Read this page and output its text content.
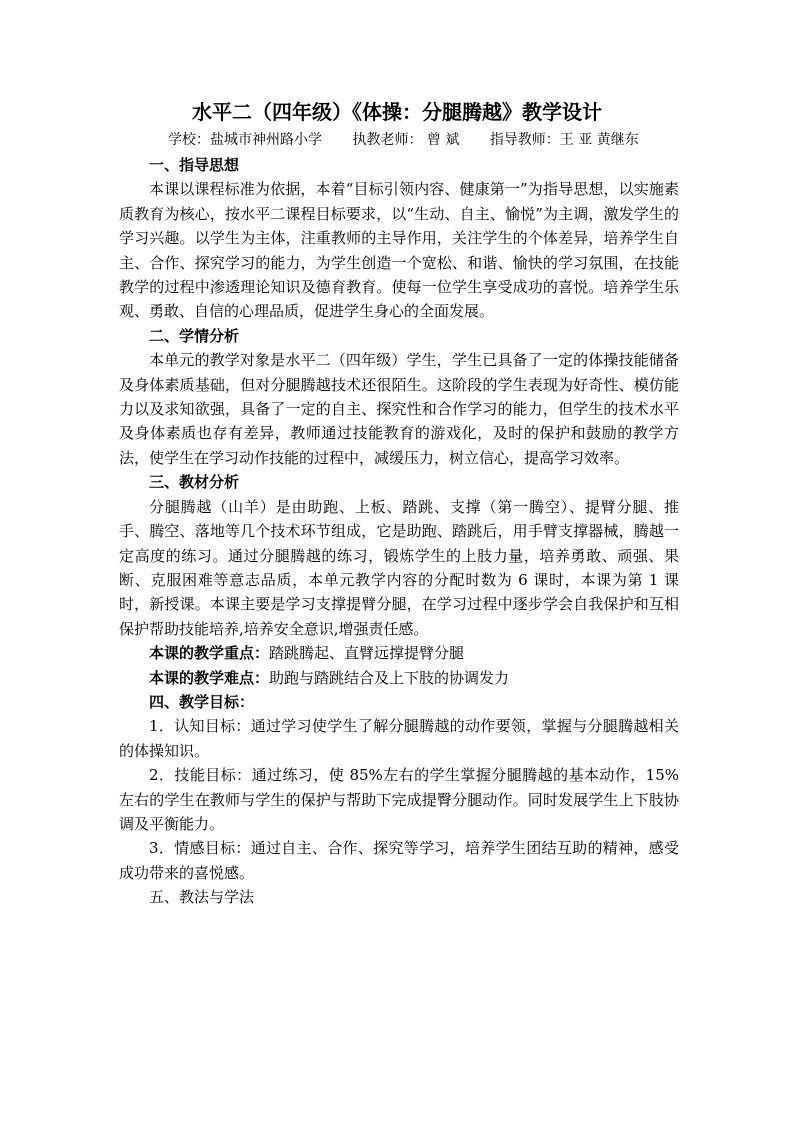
水平二（四年级）《体操：分腿腾越》教学设计
学校：盐城市神州路小学 执教老师： 曾 斌 指导教师：王 亚 黄继东

一、指导思想

本课以课程标准为依据，本着“目标引领内容、健康第一”为指导思想，以实施素质教育为核心，按水平二课程目标要求，以“生动、自主、愉悦”为主调，激发学生的学习兴趣。以学生为主体，注重教师的主导作用，关注学生的个体差异，培养学生自主、合作、探究学习的能力，为学生创造一个宽松、和谐、愉快的学习氛围，在技能教学的过程中渗透理论知识及德育教育。使每一位学生享受成功的喜悦。培养学生乐观、勇敢、自信的心理品质，促进学生身心的全面发展。

二、学情分析

本单元的教学对象是水平二（四年级）学生，学生已具备了一定的体操技能储备及身体素质基础，但对分腿腾越技术还很陌生。这阶段的学生表现为好奇性、模仿能力以及求知欲强，具备了一定的自主、探究性和合作学习的能力，但学生的技术水平及身体素质也存有差异，教师通过技能教育的游戏化，及时的保护和鼓励的教学方法，使学生在学习动作技能的过程中，减缓压力，树立信心，提高学习效率。

三、教材分析

分腿腾越（山羊）是由助跑、上板、踏跳、支撑（第一腾空）、提臂分腿、推手、腾空、落地等几个技术环节组成，它是助跑、踏跳后，用手臂支撑器械，腾越一定高度的练习。通过分腿腾越的练习，锻炼学生的上肢力量，培养勇敢、顽强、果断、克服困难等意志品质，本单元教学内容的分配时数为 6 课时，本课为第 1 课时，新授课。本课主要是学习支撑提臂分腿，在学习过程中逐步学会自我保护和互相保护帮助技能培养,培养安全意识,增强责任感。

本课的教学重点：踏跳腾起、直臂远撑提臂分腿

本课的教学难点：助跑与踏跳结合及上下肢的协调发力

四、教学目标：

1．认知目标：通过学习使学生了解分腿腾越的动作要领，掌握与分腿腾越相关的体操知识。

2．技能目标：通过练习，使 85%左右的学生掌握分腿腾越的基本动作，15%左右的学生在教师与学生的保护与帮助下完成提臀分腿动作。同时发展学生上下肢协调及平衡能力。

3．情感目标：通过自主、合作、探究等学习，培养学生团结互助的精神，感受成功带来的喜悦感。

五、教法与学法
